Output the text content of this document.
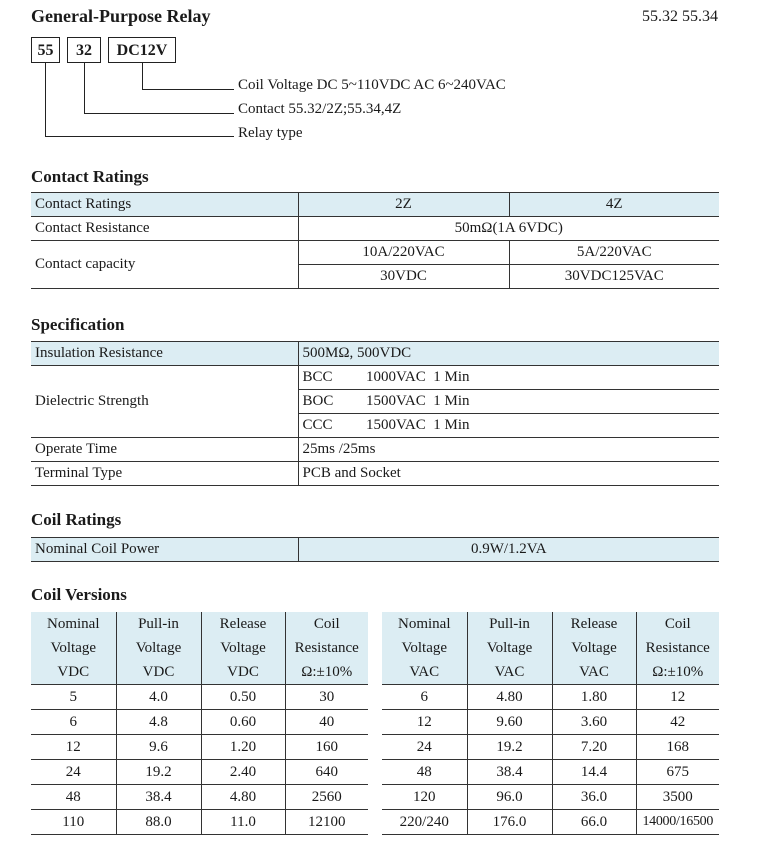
General-Purpose Relay	55.32 55.34
55	32	DC12V
Coil Voltage DC 5~110VDC AC 6~240VAC
Contact 55.32/2Z;55.34,4Z
Relay type
Contact Ratings
Contact Ratings	2Z	4Z
Contact Resistance	50mΩ(1A 6VDC)	
Contact capacity	10A/220VAC	5A/220VAC
	30VDC	30VDC125VAC
Specification
Insulation Resistance	500MΩ, 500VDC	
Dielectric Strength	BCC	1000VAC  1 Min
	BOC	1500VAC  1 Min
	CCC	1500VAC  1 Min
Operate Time	25ms /25ms	
Terminal Type	PCB and Socket	
Coil Ratings
Nominal Coil Power	0.9W/1.2VA
Coil Versions
Nominal	Pull-in	Release	Coil
Voltage	Voltage	Voltage	Resistance
VDC	VDC	VDC	Ω:±10%
5	4.0	0.50	30
6	4.8	0.60	40
12	9.6	1.20	160
24	19.2	2.40	640
48	38.4	4.80	2560
110	88.0	11.0	12100
Nominal	Pull-in	Release	Coil
Voltage	Voltage	Voltage	Resistance
VAC	VAC	VAC	Ω:±10%
6	4.80	1.80	12
12	9.60	3.60	42
24	19.2	7.20	168
48	38.4	14.4	675
120	96.0	36.0	3500
220/240	176.0	66.0	14000/16500
